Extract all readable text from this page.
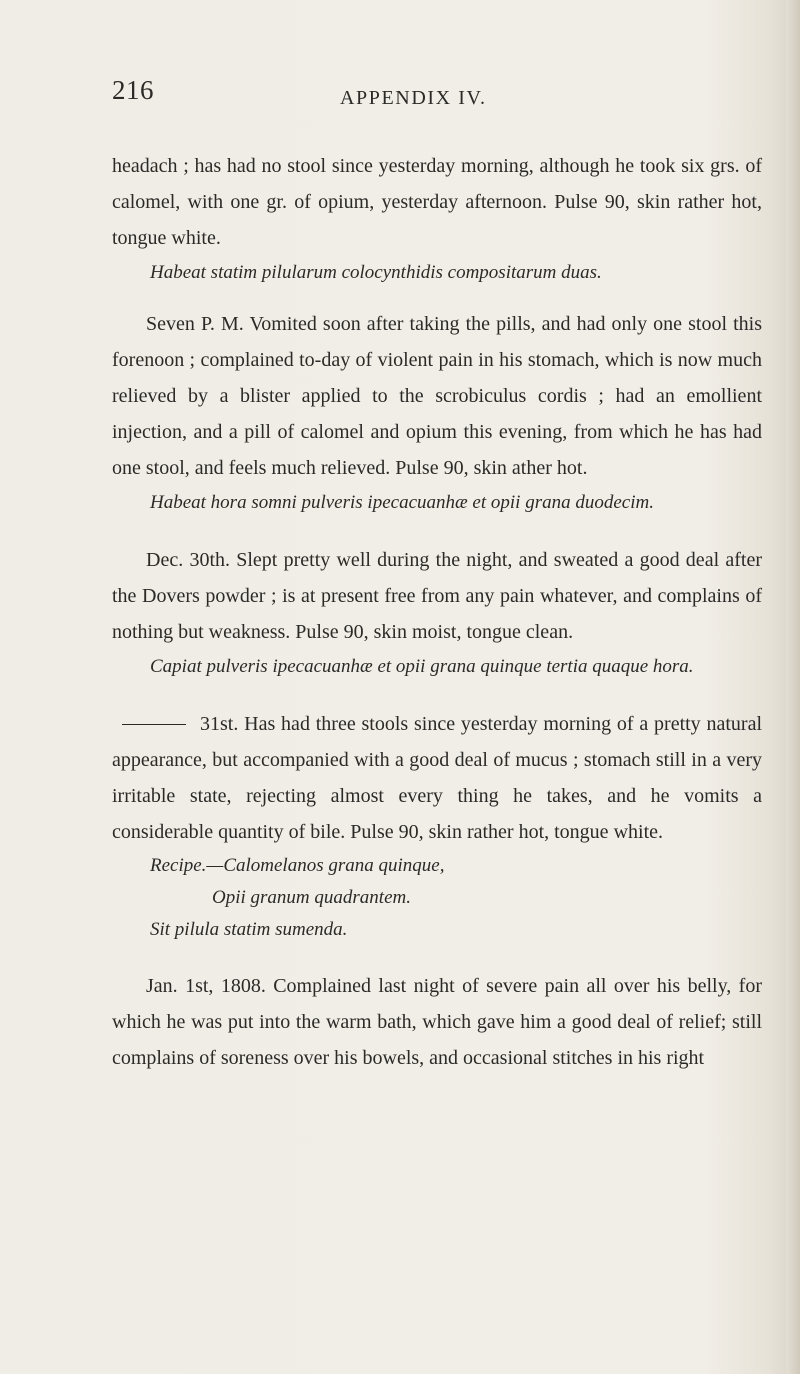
216	APPENDIX IV.

headach ; has had no stool since yesterday morning, although he took six grs. of calomel, with one gr. of opium, yesterday afternoon. Pulse 90, skin rather hot, tongue white.

Habeat statim pilularum colocynthidis compositarum duas.

Seven P. M. Vomited soon after taking the pills, and had only one stool this forenoon ; complained to-day of violent pain in his stomach, which is now much relieved by a blister applied to the scrobiculus cordis ; had an emollient injection, and a pill of calomel and opium this evening, from which he has had one stool, and feels much relieved. Pulse 90, skin ather hot.

Habeat hora somni pulveris ipecacuanhæ et opii grana duodecim.

Dec. 30th. Slept pretty well during the night, and sweated a good deal after the Dovers powder ; is at present free from any pain whatever, and complains of nothing but weakness. Pulse 90, skin moist, tongue clean.

Capiat pulveris ipecacuanhæ et opii grana quinque tertia quaque hora.

31st. Has had three stools since yesterday morning of a pretty natural appearance, but accompanied with a good deal of mucus ; stomach still in a very irritable state, rejecting almost every thing he takes, and he vomits a considerable quantity of bile. Pulse 90, skin rather hot, tongue white.

Recipe.—Calomelanos grana quinque,

Opii granum quadrantem.

Sit pilula statim sumenda.

Jan. 1st, 1808. Complained last night of severe pain all over his belly, for which he was put into the warm bath, which gave him a good deal of relief; still complains of soreness over his bowels, and occasional stitches in his right
